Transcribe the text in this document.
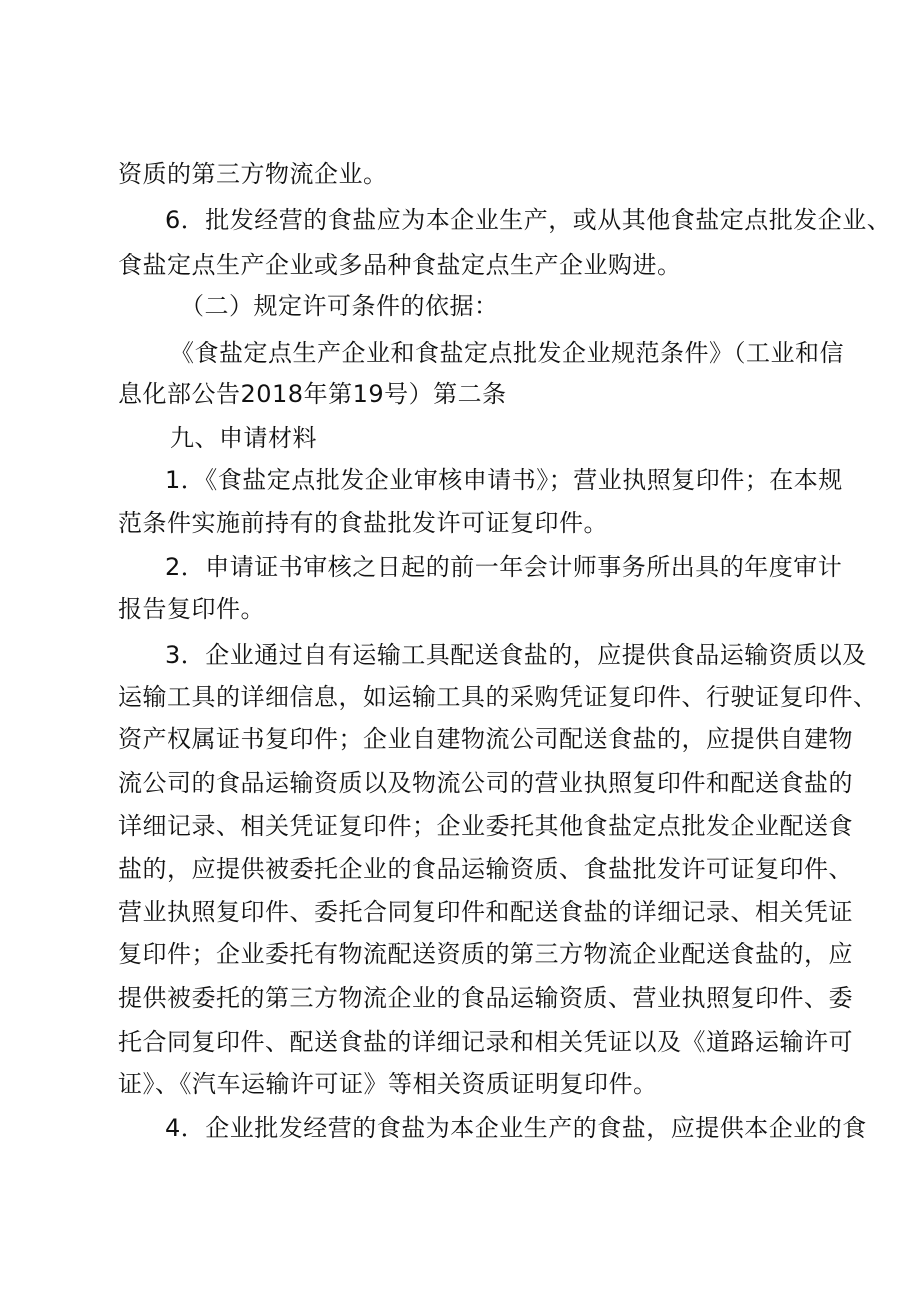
资质的第三方物流企业。
6．批发经营的食盐应为本企业生产，或从其他食盐定点批发企业、
食盐定点生产企业或多品种食盐定点生产企业购进。
（二）规定许可条件的依据：
《食盐定点生产企业和食盐定点批发企业规范条件》（工业和信
息化部公告2018年第19号）第二条
九、申请材料
1．《食盐定点批发企业审核申请书》；营业执照复印件；在本规
范条件实施前持有的食盐批发许可证复印件。
2．申请证书审核之日起的前一年会计师事务所出具的年度审计
报告复印件。
3．企业通过自有运输工具配送食盐的，应提供食品运输资质以及
运输工具的详细信息，如运输工具的采购凭证复印件、行驶证复印件、
资产权属证书复印件；企业自建物流公司配送食盐的，应提供自建物
流公司的食品运输资质以及物流公司的营业执照复印件和配送食盐的
详细记录、相关凭证复印件；企业委托其他食盐定点批发企业配送食
盐的，应提供被委托企业的食品运输资质、食盐批发许可证复印件、
营业执照复印件、委托合同复印件和配送食盐的详细记录、相关凭证
复印件；企业委托有物流配送资质的第三方物流企业配送食盐的，应
提供被委托的第三方物流企业的食品运输资质、营业执照复印件、委
托合同复印件、配送食盐的详细记录和相关凭证以及《道路运输许可
证》、《汽车运输许可证》等相关资质证明复印件。
4．企业批发经营的食盐为本企业生产的食盐，应提供本企业的食
